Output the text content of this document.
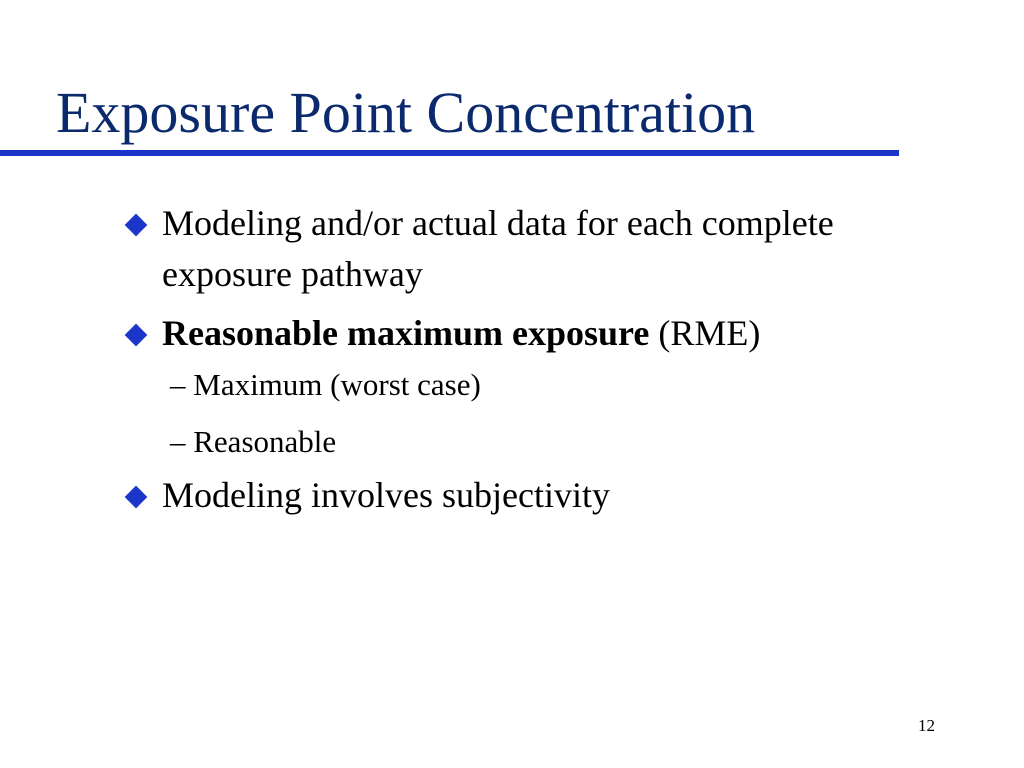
Exposure Point Concentration
Modeling and/or actual data for each complete exposure pathway
Reasonable maximum exposure (RME)
– Maximum (worst case)
– Reasonable
Modeling involves subjectivity
12
